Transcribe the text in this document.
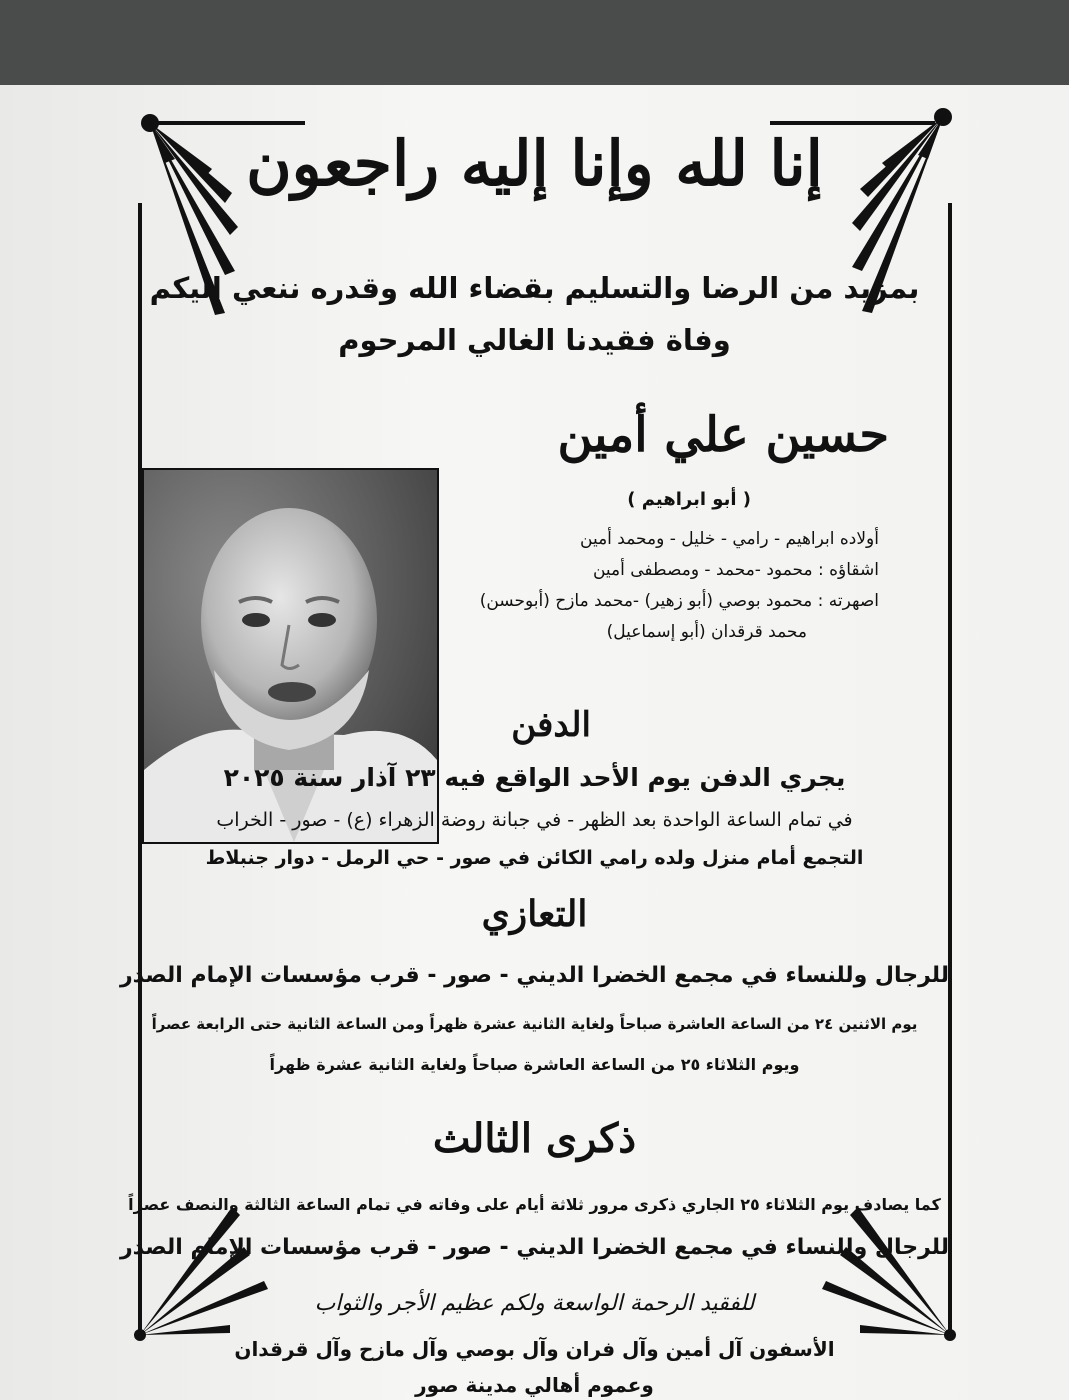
إنا لله وإنا إليه راجعون
بمزيد من الرضا والتسليم بقضاء الله وقدره ننعي إليكم
وفاة فقيدنا الغالي المرحوم
حسين علي أمين
( أبو ابراهيم )
أولاده ابراهيم - رامي - خليل - ومحمد أمين
اشقاؤه : محمود -محمد - ومصطفى أمين
اصهرته : محمود بوصي (أبو زهير) -محمد مازح (أبوحسن)
محمد قرقدان (أبو إسماعيل)
الدفن
يجري الدفن يوم الأحد الواقع فيه ٢٣ آذار سنة ٢٠٢٥
في تمام الساعة الواحدة بعد الظهر - في جبانة روضة الزهراء (ع) - صور - الخراب
التجمع أمام منزل ولده رامي الكائن في صور - حي الرمل - دوار جنبلاط
التعازي
للرجال وللنساء في مجمع الخضرا الديني - صور - قرب مؤسسات الإمام الصدر
يوم الاثنين ٢٤ من الساعة العاشرة صباحاً ولغاية الثانية عشرة ظهراً ومن الساعة الثانية حتى الرابعة عصراً
ويوم الثلاثاء ٢٥ من الساعة العاشرة صباحاً ولغاية الثانية عشرة ظهراً
ذكرى الثالث
كما يصادف يوم الثلاثاء ٢٥ الجاري ذكرى مرور ثلاثة أيام على وفاته في تمام الساعة الثالثة والنصف عصراً
للرجال وللنساء في مجمع الخضرا الديني - صور - قرب مؤسسات الإمام الصدر
للفقيد الرحمة الواسعة ولكم عظيم الأجر والثواب
الأسفون آل أمين وآل فران وآل بوصي وآل مازح وآل قرقدان
وعموم أهالي مدينة صور
